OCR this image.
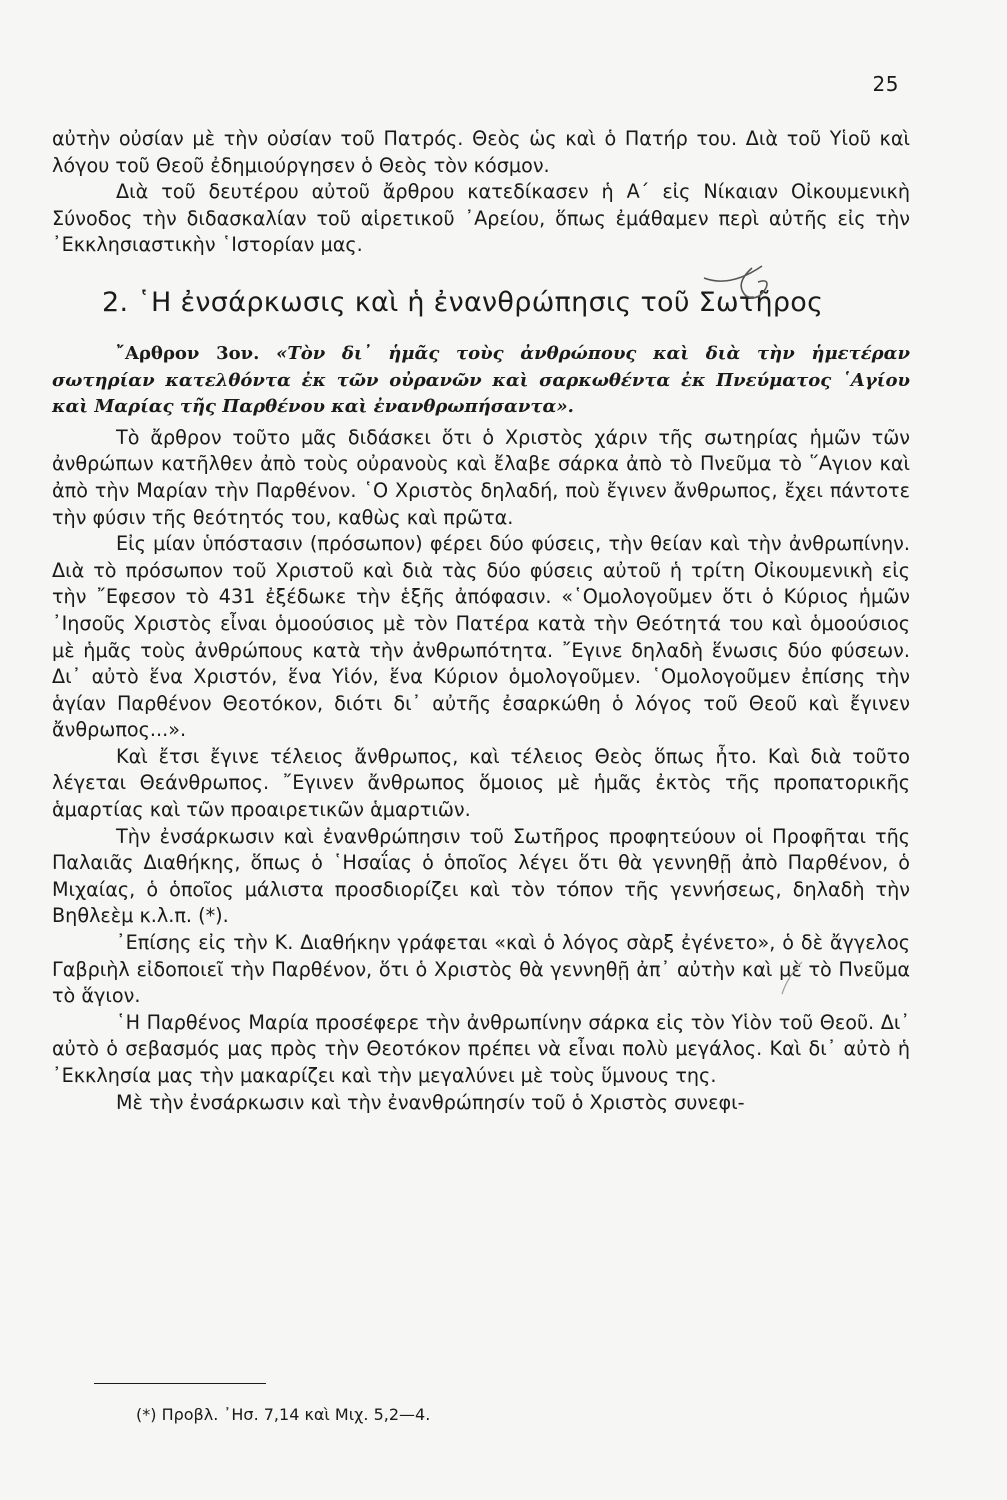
25

αὐτὴν οὐσίαν μὲ τὴν οὐσίαν τοῦ Πατρός. Θεὸς ὡς καὶ ὁ Πατήρ του. Διὰ τοῦ Υἱοῦ καὶ λόγου τοῦ Θεοῦ ἐδημιούργησεν ὁ Θεὸς τὸν κόσμον.

Διὰ τοῦ δευτέρου αὐτοῦ ἄρθρου κατεδίκασεν ἡ Α΄ εἰς Νίκαιαν Οἰκουμενικὴ Σύνοδος τὴν διδασκαλίαν τοῦ αἱρετικοῦ ᾽Αρείου, ὅπως ἐμάθαμεν περὶ αὐτῆς εἰς τὴν ᾽Εκκλησιαστικὴν ῾Ιστορίαν μας.

2. ῾Η ἐνσάρκωσις καὶ ἡ ἐνανθρώπησις τοῦ Σωτῆρος

῎Αρθρον 3ον. «Τὸν δι᾽ ἡμᾶς τοὺς ἀνθρώπους καὶ διὰ τὴν ἡμετέραν σωτηρίαν κατελθόντα ἐκ τῶν οὐρανῶν καὶ σαρκωθέντα ἐκ Πνεύματος ῾Αγίου καὶ Μαρίας τῆς Παρθένου καὶ ἐνανθρωπήσαντα».

Τὸ ἄρθρον τοῦτο μᾶς διδάσκει ὅτι ὁ Χριστὸς χάριν τῆς σωτηρίας ἡμῶν τῶν ἀνθρώπων κατῆλθεν ἀπὸ τοὺς οὐρανοὺς καὶ ἔλαβε σάρκα ἀπὸ τὸ Πνεῦμα τὸ ῞Αγιον καὶ ἀπὸ τὴν Μαρίαν τὴν Παρθένον. ῾Ο Χριστὸς δηλαδή, ποὺ ἔγινεν ἄνθρωπος, ἔχει πάντοτε τὴν φύσιν τῆς θεότητός του, καθὼς καὶ πρῶτα.

Εἰς μίαν ὑπόστασιν (πρόσωπον) φέρει δύο φύσεις, τὴν θείαν καὶ τὴν ἀνθρωπίνην. Διὰ τὸ πρόσωπον τοῦ Χριστοῦ καὶ διὰ τὰς δύο φύσεις αὐτοῦ ἡ τρίτη Οἰκουμενικὴ εἰς τὴν ῎Εφεσον τὸ 431 ἐξέδωκε τὴν ἑξῆς ἀπόφασιν. «῾Ομολογοῦμεν ὅτι ὁ Κύριος ἡμῶν ᾽Ιησοῦς Χριστὸς εἶναι ὁμοούσιος μὲ τὸν Πατέρα κατὰ τὴν Θεότητά του καὶ ὁμοούσιος μὲ ἡμᾶς τοὺς ἀνθρώπους κατὰ τὴν ἀνθρωπότητα. ῎Εγινε δηλαδὴ ἕνωσις δύο φύσεων. Δι᾽ αὐτὸ ἕνα Χριστόν, ἕνα Υἱόν, ἕνα Κύριον ὁμολογοῦμεν. ῾Ομολογοῦμεν ἐπίσης τὴν ἁγίαν Παρθένον Θεοτόκον, διότι δι᾽ αὐτῆς ἐσαρκώθη ὁ λόγος τοῦ Θεοῦ καὶ ἔγινεν ἄνθρωπος...».

Καὶ ἔτσι ἔγινε τέλειος ἄνθρωπος, καὶ τέλειος Θεὸς ὅπως ἦτο. Καὶ διὰ τοῦτο λέγεται Θεάνθρωπος. ῎Εγινεν ἄνθρωπος ὅμοιος μὲ ἡμᾶς ἐκτὸς τῆς προπατορικῆς ἁμαρτίας καὶ τῶν προαιρετικῶν ἁμαρτιῶν.

Τὴν ἐνσάρκωσιν καὶ ἐνανθρώπησιν τοῦ Σωτῆρος προφητεύουν οἱ Προφῆται τῆς Παλαιᾶς Διαθήκης, ὅπως ὁ ῾Ησαΐας ὁ ὁποῖος λέγει ὅτι θὰ γεννηθῇ ἀπὸ Παρθένον, ὁ Μιχαίας, ὁ ὁποῖος μάλιστα προσδιορίζει καὶ τὸν τόπον τῆς γεννήσεως, δηλαδὴ τὴν Βηθλεὲμ κ.λ.π. (*).

᾽Επίσης εἰς τὴν Κ. Διαθήκην γράφεται «καὶ ὁ λόγος σὰρξ ἐγένετο», ὁ δὲ ἄγγελος Γαβριὴλ εἰδοποιεῖ τὴν Παρθένον, ὅτι ὁ Χριστὸς θὰ γεννηθῇ ἀπ᾽ αὐτὴν καὶ μὲ τὸ Πνεῦμα τὸ ἅγιον.

῾Η Παρθένος Μαρία προσέφερε τὴν ἀνθρωπίνην σάρκα εἰς τὸν Υἱὸν τοῦ Θεοῦ. Δι᾽ αὐτὸ ὁ σεβασμός μας πρὸς τὴν Θεοτόκον πρέπει νὰ εἶναι πολὺ μεγάλος. Καὶ δι᾽ αὐτὸ ἡ ᾽Εκκλησία μας τὴν μακαρίζει καὶ τὴν μεγαλύνει μὲ τοὺς ὕμνους της.

Μὲ τὴν ἐνσάρκωσιν καὶ τὴν ἐνανθρώπησίν τοῦ ὁ Χριστὸς συνεφι-

(*) Προβλ. ᾽Ησ. 7,14 καὶ Μιχ. 5,2—4.
